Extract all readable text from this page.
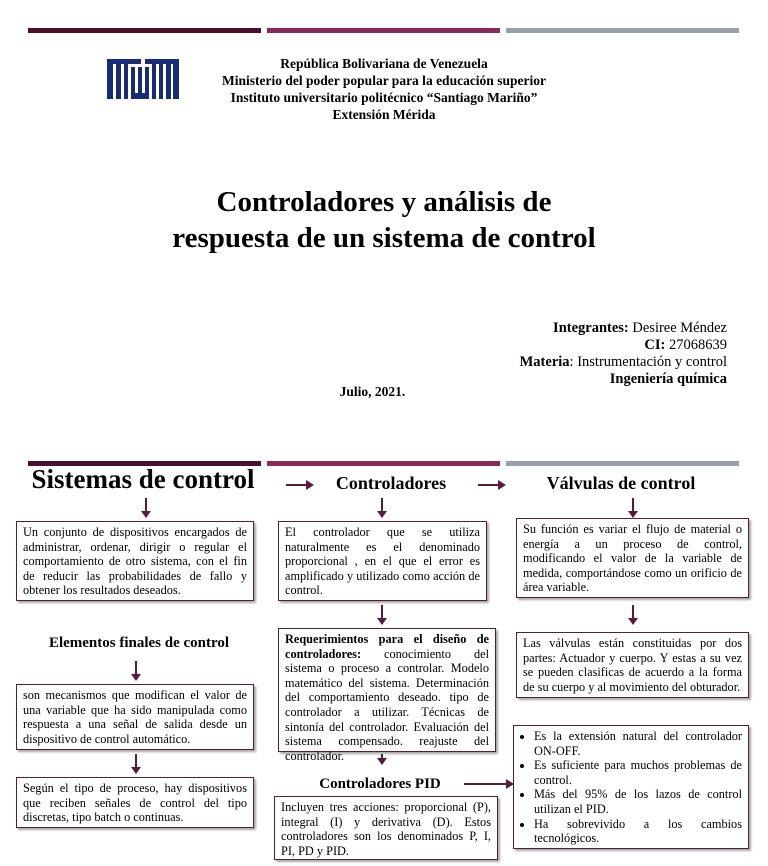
República Bolivariana de Venezuela
Ministerio del poder popular para la educación superior
Instituto universitario politécnico “Santiago Mariño”
Extensión Mérida
Controladores y análisis de
respuesta de un sistema de control
Integrantes: Desiree Méndez
CI: 27068639
Materia: Instrumentación y control
Ingeniería química
Julio, 2021.
Sistemas de control	Controladores	Válvulas de control
Un conjunto de dispositivos encargados de administrar, ordenar, dirigir o regular el comportamiento de otro sistema, con el fin de reducir las probabilidades de fallo y obtener los resultados deseados.
Elementos finales de control
son mecanismos que modifican el valor de una variable que ha sido manipulada como respuesta a una señal de salida desde un dispositivo de control automático.
Según el tipo de proceso, hay dispositivos que reciben señales de control del tipo discretas, tipo batch o continuas.
El controlador que se utiliza naturalmente es el denominado proporcional , en el que el error es amplificado y utilizado como acción de control.
Requerimientos para el diseño de controladores: conocimiento del sistema o proceso a controlar. Modelo matemático del sistema. Determinación del comportamiento deseado. tipo de controlador a utilizar. Técnicas de sintonía del controlador. Evaluación del sistema compensado. reajuste del controlador.
Controladores PID
Incluyen tres acciones: proporcional (P), integral (I) y derivativa (D). Estos controladores son los denominados P, I, PI, PD y PID.
Su función es variar el flujo de material o energía a un proceso de control, modificando el valor de la variable de medida, comportándose como un orificio de área variable.
Las válvulas están constituidas por dos partes: Actuador y cuerpo. Y estas a su vez se pueden clasificas de acuerdo a la forma de su cuerpo y al movimiento del obturador.
• Es la extensión natural del controlador ON-OFF.
• Es suficiente para muchos problemas de control.
• Más del 95% de los lazos de control utilizan el PID.
• Ha sobrevivido a los cambios tecnológicos.
